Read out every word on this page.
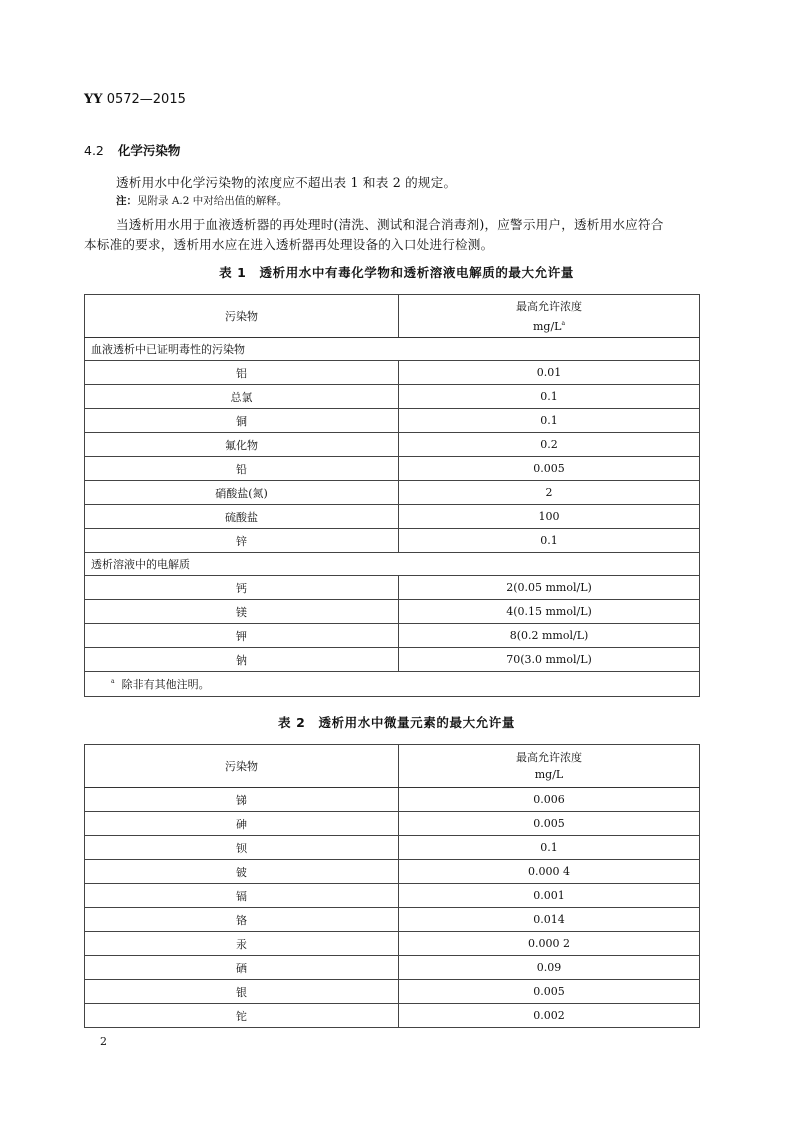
YY 0572—2015
4.2 化学污染物
透析用水中化学污染物的浓度应不超出表 1 和表 2 的规定。
注：见附录 A.2 中对给出值的解释。
当透析用水用于血液透析器的再处理时(清洗、测试和混合消毒剂)，应警示用户，透析用水应符合
本标准的要求，透析用水应在进入透析器再处理设备的入口处进行检测。
表 1　透析用水中有毒化学物和透析溶液电解质的最大允许量
污染物	最高允许浓度
$mg/L^a$
血液透析中已证明毒性的污染物	
铝	0.01
总氯	0.1
铜	0.1
氟化物	0.2
铅	0.005
硝酸盐(氮)	2
硫酸盐	100
锌	0.1
透析溶液中的电解质	
钙	2(0.05 mmol/L)
镁	4(0.15 mmol/L)
钾	8(0.2 mmol/L)
钠	70(3.0 mmol/L)
$^a$ 除非有其他注明。	
表 2　透析用水中微量元素的最大允许量
污染物	最高允许浓度
mg/L
锑	0.006
砷	0.005
钡	0.1
铍	0.000 4
镉	0.001
铬	0.014
汞	0.000 2
硒	0.09
银	0.005
铊	0.002
2
